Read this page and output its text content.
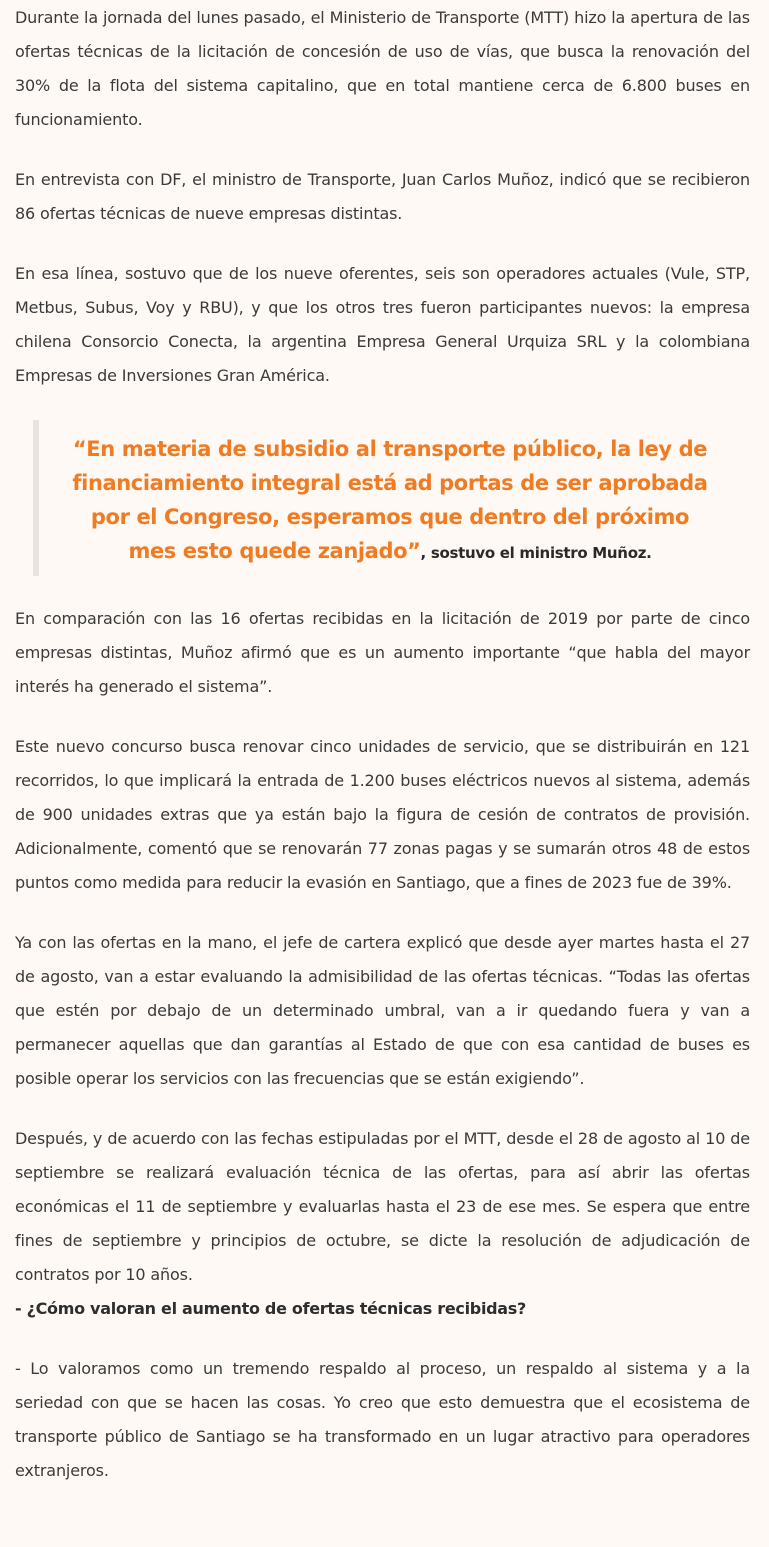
Durante la jornada del lunes pasado, el Ministerio de Transporte (MTT) hizo la apertura de las ofertas técnicas de la licitación de concesión de uso de vías, que busca la renovación del 30% de la flota del sistema capitalino, que en total mantiene cerca de 6.800 buses en funcionamiento.

En entrevista con DF, el ministro de Transporte, Juan Carlos Muñoz, indicó que se recibieron 86 ofertas técnicas de nueve empresas distintas.

En esa línea, sostuvo que de los nueve oferentes, seis son operadores actuales (Vule, STP, Metbus, Subus, Voy y RBU), y que los otros tres fueron participantes nuevos: la empresa chilena Consorcio Conecta, la argentina Empresa General Urquiza SRL y la colombiana Empresas de Inversiones Gran América.

“En materia de subsidio al transporte público, la ley de financiamiento integral está ad portas de ser aprobada por el Congreso, esperamos que dentro del próximo mes esto quede zanjado”, sostuvo el ministro Muñoz.

En comparación con las 16 ofertas recibidas en la licitación de 2019 por parte de cinco empresas distintas, Muñoz afirmó que es un aumento importante “que habla del mayor interés ha generado el sistema”.

Este nuevo concurso busca renovar cinco unidades de servicio, que se distribuirán en 121 recorridos, lo que implicará la entrada de 1.200 buses eléctricos nuevos al sistema, además de 900 unidades extras que ya están bajo la figura de cesión de contratos de provisión. Adicionalmente, comentó que se renovarán 77 zonas pagas y se sumarán otros 48 de estos puntos como medida para reducir la evasión en Santiago, que a fines de 2023 fue de 39%.

Ya con las ofertas en la mano, el jefe de cartera explicó que desde ayer martes hasta el 27 de agosto, van a estar evaluando la admisibilidad de las ofertas técnicas. “Todas las ofertas que estén por debajo de un determinado umbral, van a ir quedando fuera y van a permanecer aquellas que dan garantías al Estado de que con esa cantidad de buses es posible operar los servicios con las frecuencias que se están exigiendo”.

Después, y de acuerdo con las fechas estipuladas por el MTT, desde el 28 de agosto al 10 de septiembre se realizará evaluación técnica de las ofertas, para así abrir las ofertas económicas el 11 de septiembre y evaluarlas hasta el 23 de ese mes. Se espera que entre fines de septiembre y principios de octubre, se dicte la resolución de adjudicación de contratos por 10 años.

- ¿Cómo valoran el aumento de ofertas técnicas recibidas?

- Lo valoramos como un tremendo respaldo al proceso, un respaldo al sistema y a la seriedad con que se hacen las cosas. Yo creo que esto demuestra que el ecosistema de transporte público de Santiago se ha transformado en un lugar atractivo para operadores extranjeros.
